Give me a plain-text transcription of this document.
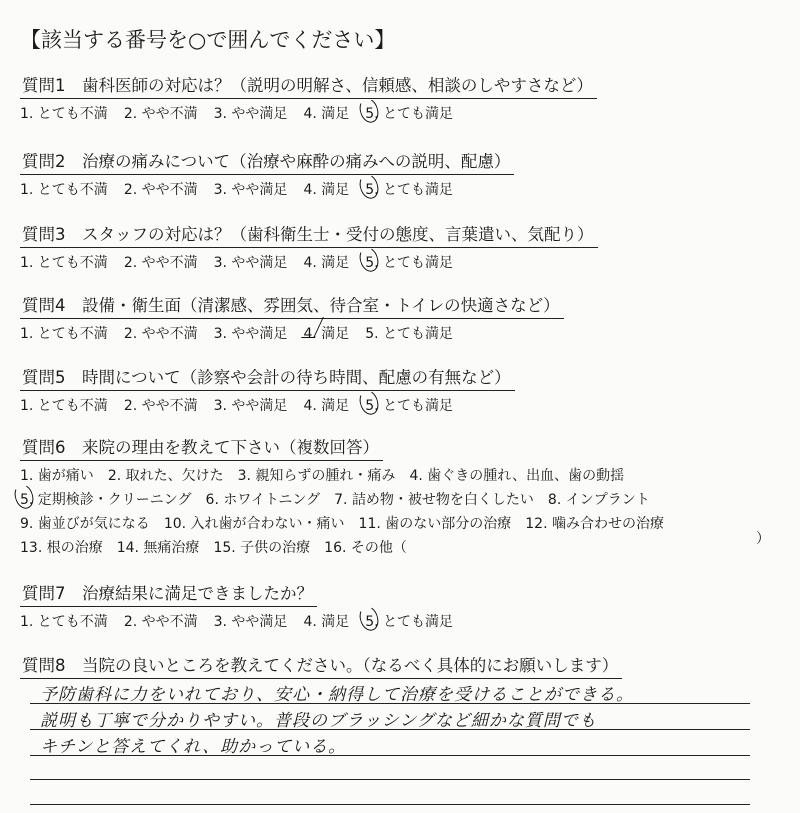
【該当する番号を○で囲んでください】
質問1　歯科医師の対応は？（説明の明解さ、信頼感、相談のしやすさなど）
1. とても不満 2. やや不満 3. やや満足 4. 満足 5. とても満足
質問2　治療の痛みについて（治療や麻酔の痛みへの説明、配慮）
1. とても不満 2. やや不満 3. やや満足 4. 満足 5. とても満足
質問3　スタッフの対応は？（歯科衛生士・受付の態度、言葉遣い、気配り）
1. とても不満 2. やや不満 3. やや満足 4. 満足 5. とても満足
質問4　設備・衛生面（清潔感、雰囲気、待合室・トイレの快適さなど）
1. とても不満 2. やや不満 3. やや満足 4. 満足 5. とても満足
質問5　時間について（診察や会計の待ち時間、配慮の有無など）
1. とても不満 2. やや不満 3. やや満足 4. 満足 5. とても満足
質問6　来院の理由を教えて下さい（複数回答）
1. 歯が痛い 2. 取れた、欠けた 3. 親知らずの腫れ・痛み 4. 歯ぐきの腫れ、出血、歯の動揺
5. 定期検診・クリーニング 6. ホワイトニング 7. 詰め物・被せ物を白くしたい 8. インプラント
9. 歯並びが気になる 10. 入れ歯が合わない・痛い 11. 歯のない部分の治療 12. 噛み合わせの治療
13. 根の治療 14. 無痛治療 15. 子供の治療 16. その他（
）
質問7　治療結果に満足できましたか？
1. とても不満 2. やや不満 3. やや満足 4. 満足 5. とても満足
質問8　当院の良いところを教えてください。（なるべく具体的にお願いします）
予防歯科に力をいれており、安心・納得して治療を受けることができる。
説明も丁寧で分かりやすい。普段のブラッシングなど細かな質問でも
キチンと答えてくれ、助かっている。
